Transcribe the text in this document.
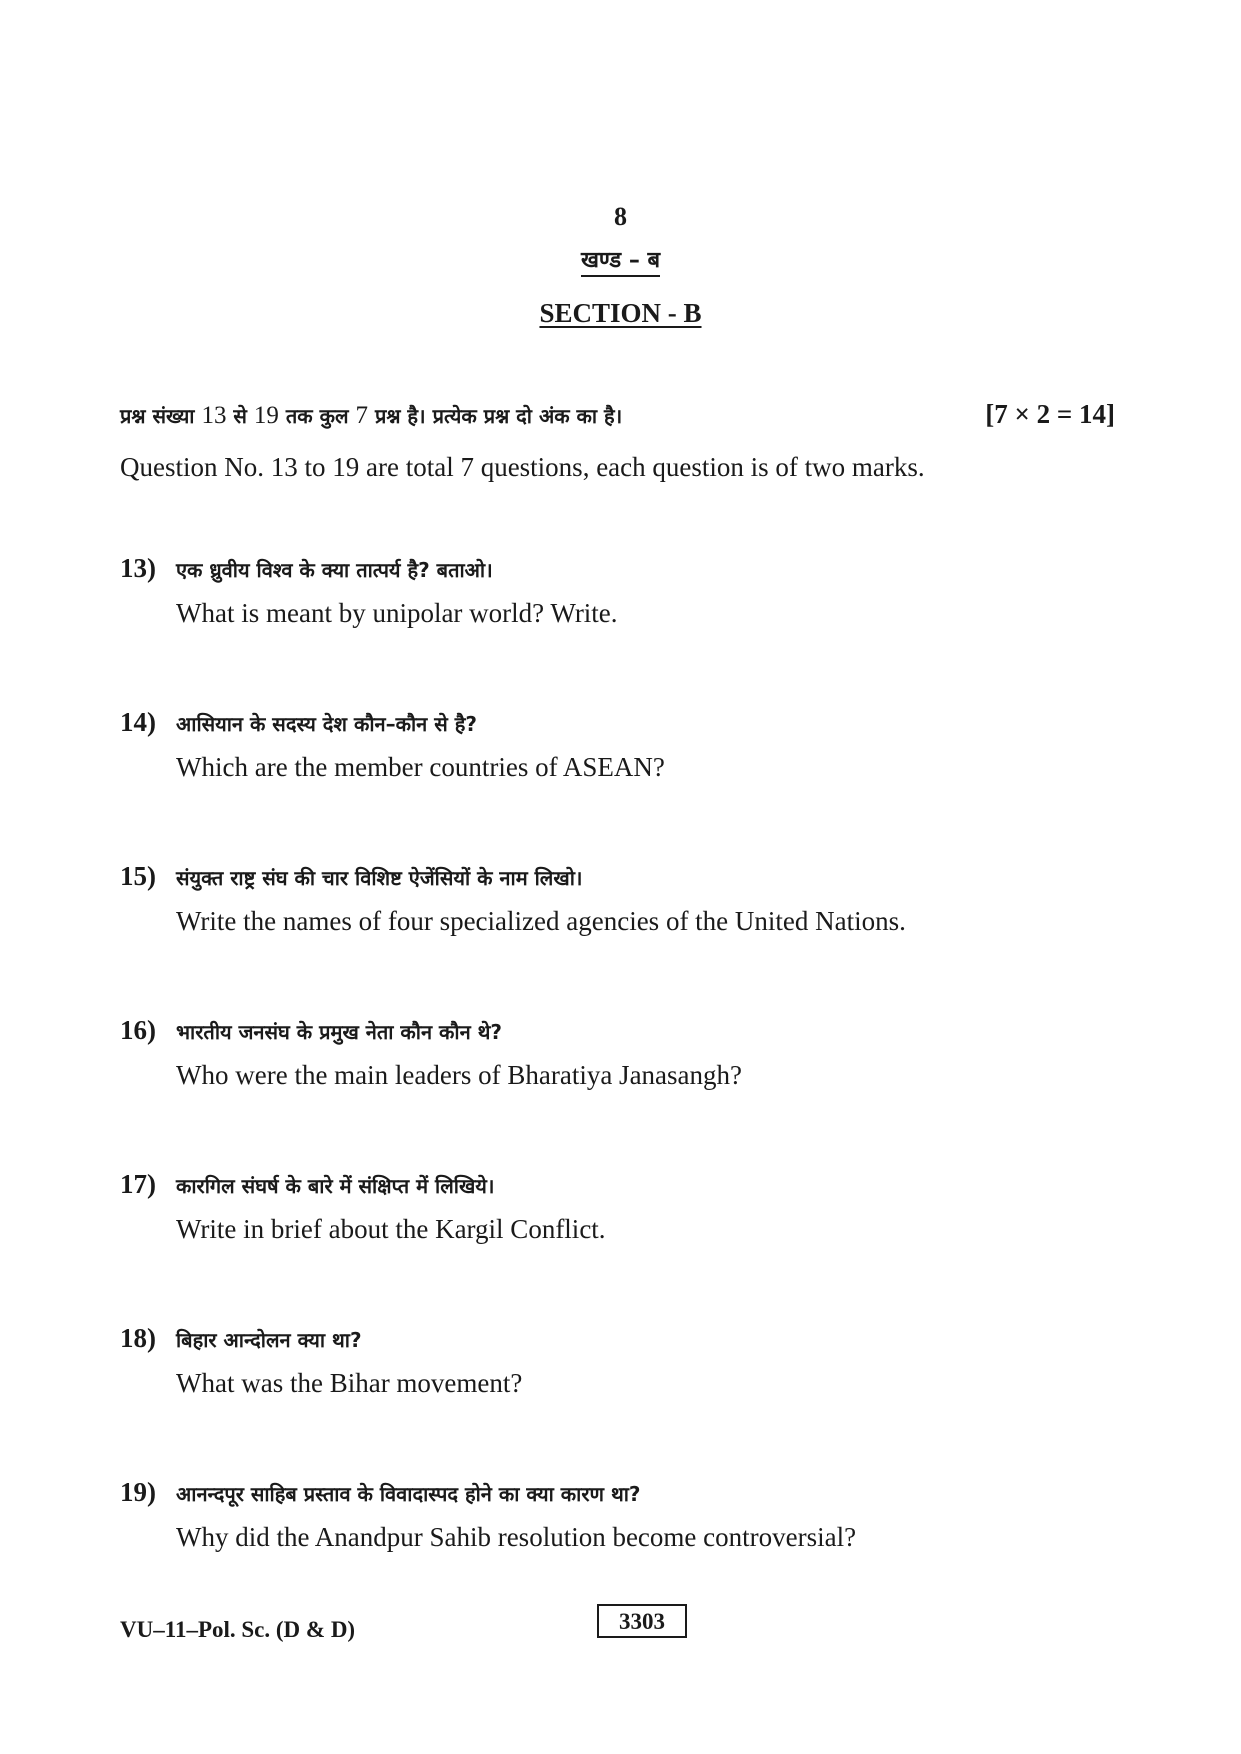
8
खण्ड – ब
SECTION - B
प्रश्न संख्या 13 से 19 तक कुल 7 प्रश्न है। प्रत्येक प्रश्न दो अंक का है।	[7 × 2 = 14]
Question No. 13 to 19 are total 7 questions, each question is of two marks.
13) एक ध्रुवीय विश्व के क्या तात्पर्य है? बताओ।
What is meant by unipolar world? Write.
14) आसियान के सदस्य देश कौन–कौन से है?
Which are the member countries of ASEAN?
15) संयुक्त राष्ट्र संघ की चार विशिष्ट ऐजेंसियों के नाम लिखो।
Write the names of four specialized agencies of the United Nations.
16) भारतीय जनसंघ के प्रमुख नेता कौन कौन थे?
Who were the main leaders of Bharatiya Janasangh?
17) कारगिल संघर्ष के बारे में संक्षिप्त में लिखिये।
Write in brief about the Kargil Conflict.
18) बिहार आन्दोलन क्या था?
What was the Bihar movement?
19) आनन्दपूर साहिब प्रस्ताव के विवादास्पद होने का क्या कारण था?
Why did the Anandpur Sahib resolution become controversial?
VU–11–Pol. Sc. (D & D)	3303
